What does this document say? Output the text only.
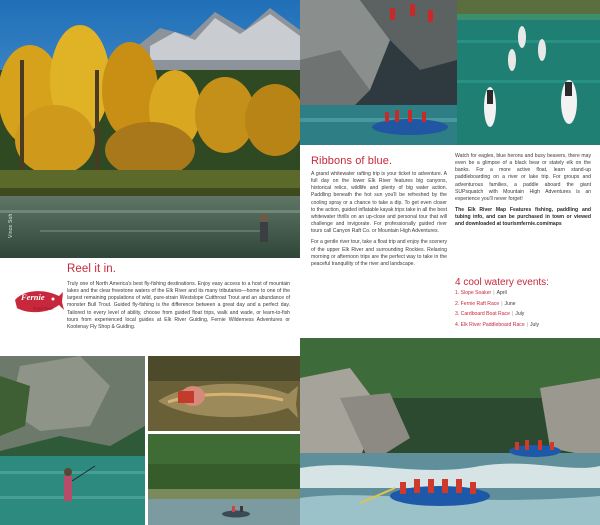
Vince Soh
Reel it in.
Fernie
Trout Town

Truly one of North America's best fly-fishing destinations. Enjoy easy access to a host of mountain lakes and the clear freestone waters of the Elk River and its many tributaries—home to one of the largest remaining populations of wild, pure-strain Westslope Cutthroat Trout and an abundance of monster Bull Trout. Guided fly-fishing is the difference between a great day and a perfect day. Tailored to every level of ability, choose from guided float trips, walk and wade, or learn-to-fish tours from experienced local guides at Elk River Guiding, Fernie Wilderness Adventures or Kootenay Fly Shop & Guiding.

Ribbons of blue.

A grand whitewater rafting trip is your ticket to adventure. A full day on the lower Elk River features big canyons, historical relics, wildlife and plenty of big water action. Paddling beneath the hot sun you'll be refreshed by the cooling spray or a chance to take a dip. To get even closer to the action, guided inflatable kayak trips take in all the best whitewater thrills on an up-close and personal tour that will challenge and invigorate. For professionally guided river tours call Canyon Raft Co. or Mountain High Adventures.

For a gentle river tour, take a float trip and enjoy the scenery of the upper Elk River and surrounding Rockies. Relaxing morning or afternoon trips are the perfect way to take in the peaceful tranquility of the river and landscape.

Watch for eagles, blue herons and busy beavers, there may even be a glimpse of a black bear or stately elk on the banks. For a more active float, learn stand-up paddleboarding on a river or lake trip. For groups and adventurous families, a paddle aboard the giant SUPsquatch with Mountain High Adventures is an experience you'll never forget!

The Elk River Map Features fishing, paddling and tubing info, and can be purchased in town or viewed and downloaded at tourismfernie.com/maps

4 cool watery events:
1. Slope Soaker | April
2. Fernie Raft Race | June
3. Cardboard Boat Race | July
4. Elk River Paddleboard Race | July
